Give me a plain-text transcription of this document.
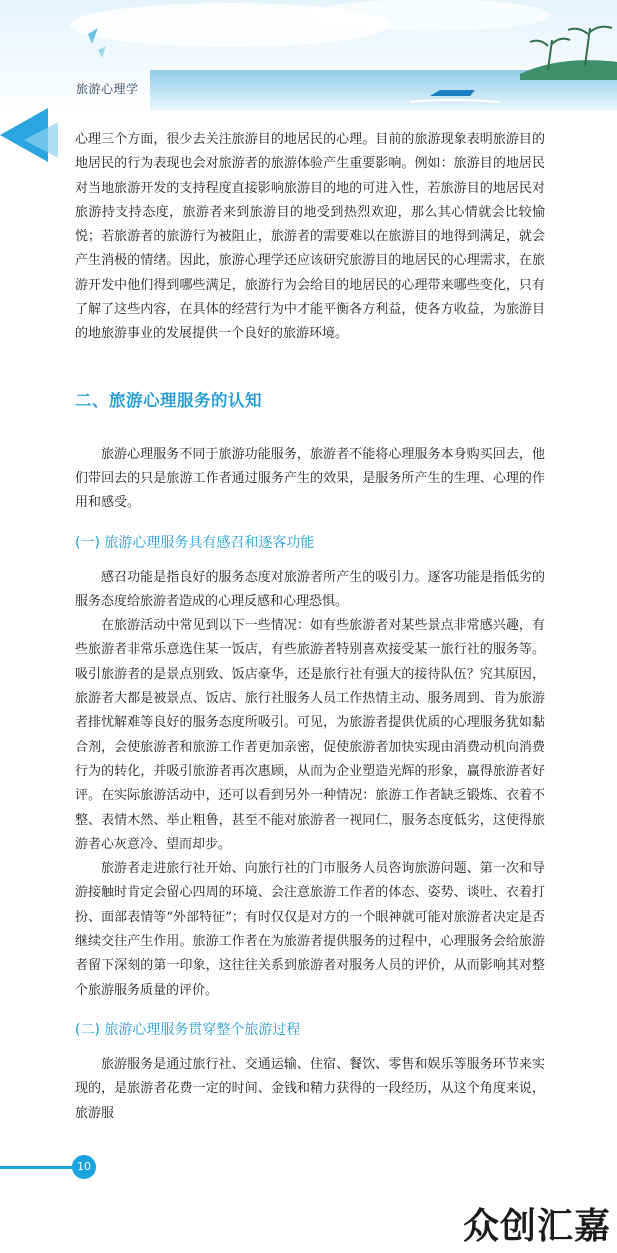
旅游心理学

心理三个方面，很少去关注旅游目的地居民的心理。目前的旅游现象表明旅游目的地居民的行为表现也会对旅游者的旅游体验产生重要影响。例如：旅游目的地居民对当地旅游开发的支持程度直接影响旅游目的地的可进入性，若旅游目的地居民对旅游持支持态度，旅游者来到旅游目的地受到热烈欢迎，那么其心情就会比较愉悦；若旅游者的旅游行为被阻止，旅游者的需要难以在旅游目的地得到满足，就会产生消极的情绪。因此，旅游心理学还应该研究旅游目的地居民的心理需求，在旅游开发中他们得到哪些满足，旅游行为会给目的地居民的心理带来哪些变化，只有了解了这些内容，在具体的经营行为中才能平衡各方利益，使各方收益，为旅游目的地旅游事业的发展提供一个良好的旅游环境。

二、旅游心理服务的认知

旅游心理服务不同于旅游功能服务，旅游者不能将心理服务本身购买回去，他们带回去的只是旅游工作者通过服务产生的效果，是服务所产生的生理、心理的作用和感受。

(一) 旅游心理服务具有感召和逐客功能

感召功能是指良好的服务态度对旅游者所产生的吸引力。逐客功能是指低劣的服务态度给旅游者造成的心理反感和心理恐惧。

在旅游活动中常见到以下一些情况：如有些旅游者对某些景点非常感兴趣，有些旅游者非常乐意选住某一饭店，有些旅游者特别喜欢接受某一旅行社的服务等。吸引旅游者的是景点别致、饭店豪华，还是旅行社有强大的接待队伍？究其原因，旅游者大都是被景点、饭店、旅行社服务人员工作热情主动、服务周到、肯为旅游者排忧解难等良好的服务态度所吸引。可见，为旅游者提供优质的心理服务犹如黏合剂，会使旅游者和旅游工作者更加亲密，促使旅游者加快实现由消费动机向消费行为的转化，并吸引旅游者再次惠顾，从而为企业塑造光辉的形象，赢得旅游者好评。在实际旅游活动中，还可以看到另外一种情况：旅游工作者缺乏锻炼、衣着不整、表情木然、举止粗鲁，甚至不能对旅游者一视同仁，服务态度低劣，这使得旅游者心灰意冷、望而却步。

旅游者走进旅行社开始、向旅行社的门市服务人员咨询旅游问题、第一次和导游接触时肯定会留心四周的环境、会注意旅游工作者的体态、姿势、谈吐、衣着打扮、面部表情等“外部特征”；有时仅仅是对方的一个眼神就可能对旅游者决定是否继续交往产生作用。旅游工作者在为旅游者提供服务的过程中，心理服务会给旅游者留下深刻的第一印象，这往往关系到旅游者对服务人员的评价，从而影响其对整个旅游服务质量的评价。

(二) 旅游心理服务贯穿整个旅游过程

旅游服务是通过旅行社、交通运输、住宿、餐饮、零售和娱乐等服务环节来实现的，是旅游者花费一定的时间、金钱和精力获得的一段经历，从这个角度来说，旅游服

10
众创汇嘉
